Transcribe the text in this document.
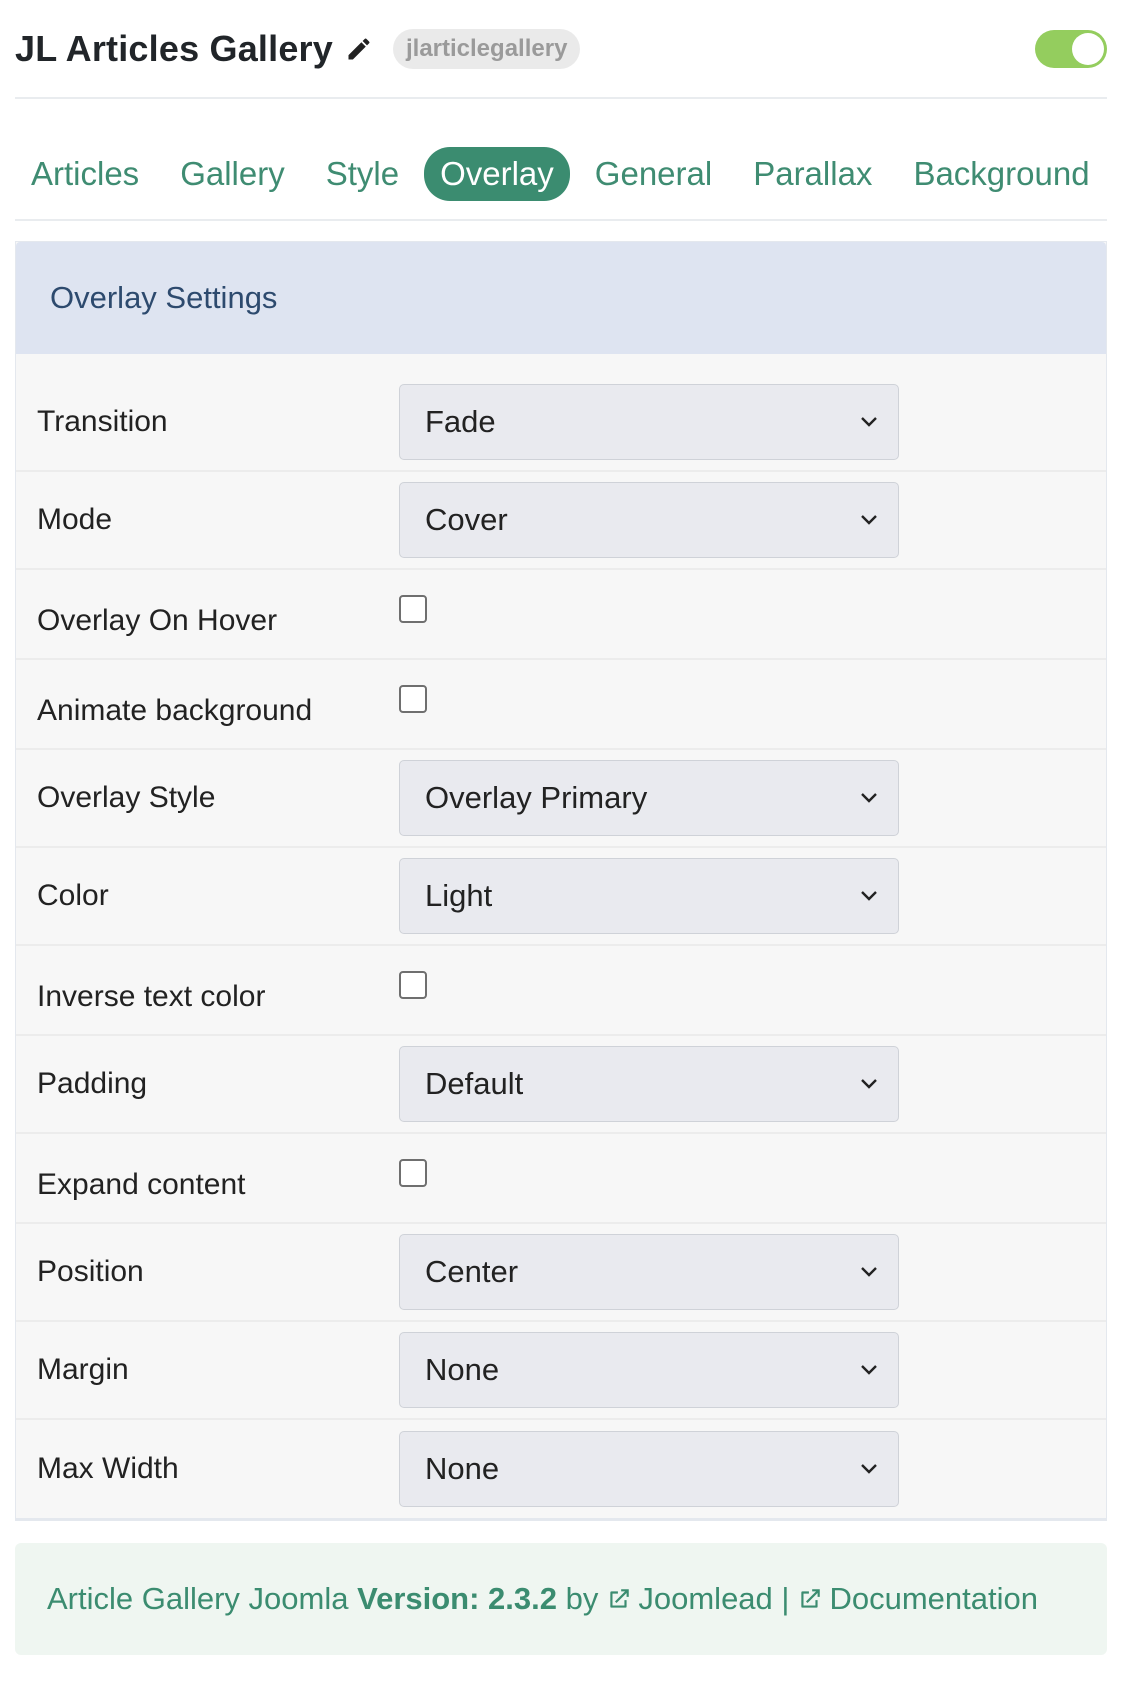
JL Articles Gallery	jlarticlegallery
Articles	Gallery	Style	Overlay	General	Parallax	Background
Overlay Settings
Transition	Fade
Mode	Cover
Overlay On Hover
Animate background
Overlay Style	Overlay Primary
Color	Light
Inverse text color
Padding	Default
Expand content
Position	Center
Margin	None
Max Width	None
Article Gallery Joomla
Version: 2.3.2
by Joomlead
| Documentation
